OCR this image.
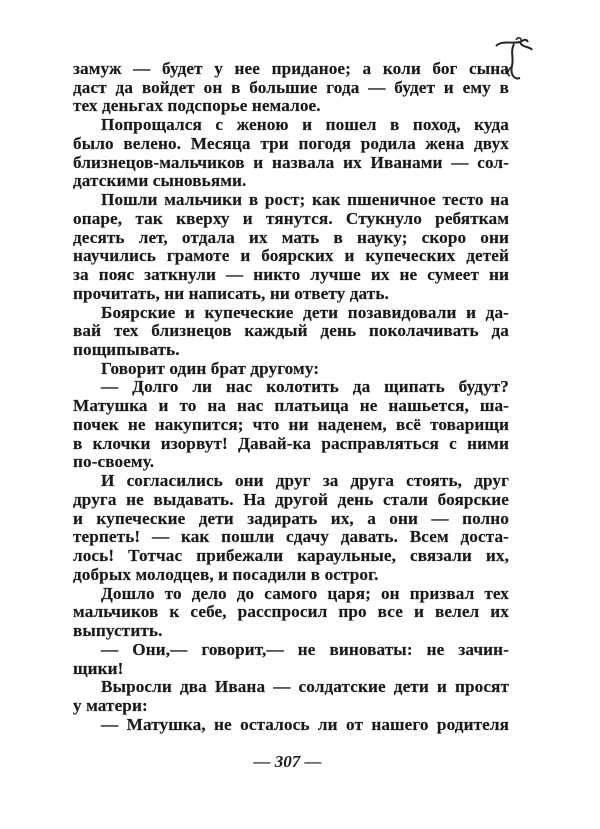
замуж — будет у нее приданое; а коли бог сына
даст да войдет он в большие года — будет и ему в
тех деньгах подспорье немалое.
Попрощался с женою и пошел в поход, куда
было велено. Месяца три погодя родила жена двух
близнецов-мальчиков и назвала их Иванами — сол-
датскими сыновьями.
Пошли мальчики в рост; как пшеничное тесто на
опаре, так кверху и тянутся. Стукнуло ребяткам
десять лет, отдала их мать в науку; скоро они
научились грамоте и боярских и купеческих детей
за пояс заткнули — никто лучше их не сумеет ни
прочитать, ни написать, ни ответу дать.
Боярские и купеческие дети позавидовали и да-
вай тех близнецов каждый день поколачивать да
пощипывать.
Говорит один брат другому:
— Долго ли нас колотить да щипать будут?
Матушка и то на нас платьица не нашьется, ша-
почек не накупится; что ни наденем, всё товарищи
в клочки изорвут! Давай-ка расправляться с ними
по-своему.
И согласились они друг за друга стоять, друг
друга не выдавать. На другой день стали боярские
и купеческие дети задирать их, а они — полно
терпеть! — как пошли сдачу давать. Всем доста-
лось! Тотчас прибежали караульные, связали их,
добрых молодцев, и посадили в острог.
Дошло то дело до самого царя; он призвал тех
мальчиков к себе, расспросил про все и велел их
выпустить.
— Они,— говорит,— не виноваты: не зачин-
щики!
Выросли два Ивана — солдатские дети и просят
у матери:
— Матушка, не осталось ли от нашего родителя
— 307 —
